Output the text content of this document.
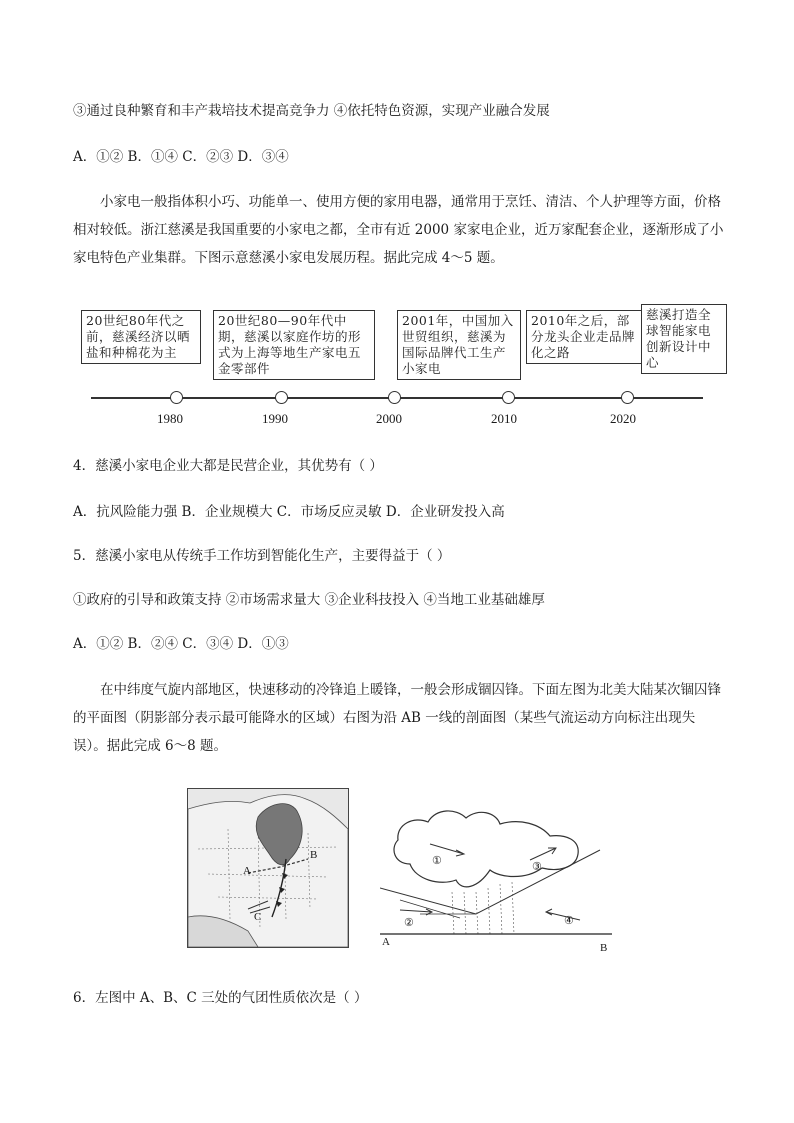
③通过良种繁育和丰产栽培技术提高竞争力 ④依托特色资源，实现产业融合发展
A．①② B．①④ C．②③ D．③④
小家电一般指体积小巧、功能单一、使用方便的家用电器，通常用于烹饪、清洁、个人护理等方面，价格相对较低。浙江慈溪是我国重要的小家电之都，全市有近 2000 家家电企业，近万家配套企业，逐渐形成了小家电特色产业集群。下图示意慈溪小家电发展历程。据此完成 4～5 题。
20世纪80年代之前，慈溪经济以晒盐和种棉花为主
20世纪80—90年代中期，慈溪以家庭作坊的形式为上海等地生产家电五金零部件
2001年，中国加入世贸组织，慈溪为国际品牌代工生产小家电
2010年之后，部分龙头企业走品牌化之路
慈溪打造全球智能家电创新设计中心
1980	1990	2000	2010	2020
4．慈溪小家电企业大都是民营企业，其优势有（ ）
A．抗风险能力强 B．企业规模大 C．市场反应灵敏 D．企业研发投入高
5．慈溪小家电从传统手工作坊到智能化生产，主要得益于（ ）
①政府的引导和政策支持 ②市场需求量大 ③企业科技投入 ④当地工业基础雄厚
A．①② B．②④ C．③④ D．①③
在中纬度气旋内部地区，快速移动的冷锋追上暖锋，一般会形成锢囚锋。下面左图为北美大陆某次锢囚锋的平面图（阴影部分表示最可能降水的区域）右图为沿 AB 一线的剖面图（某些气流运动方向标注出现失误）。据此完成 6～8 题。
A
B
C
①
②
③
④
A	B
6．左图中 A、B、C 三处的气团性质依次是（ ）
